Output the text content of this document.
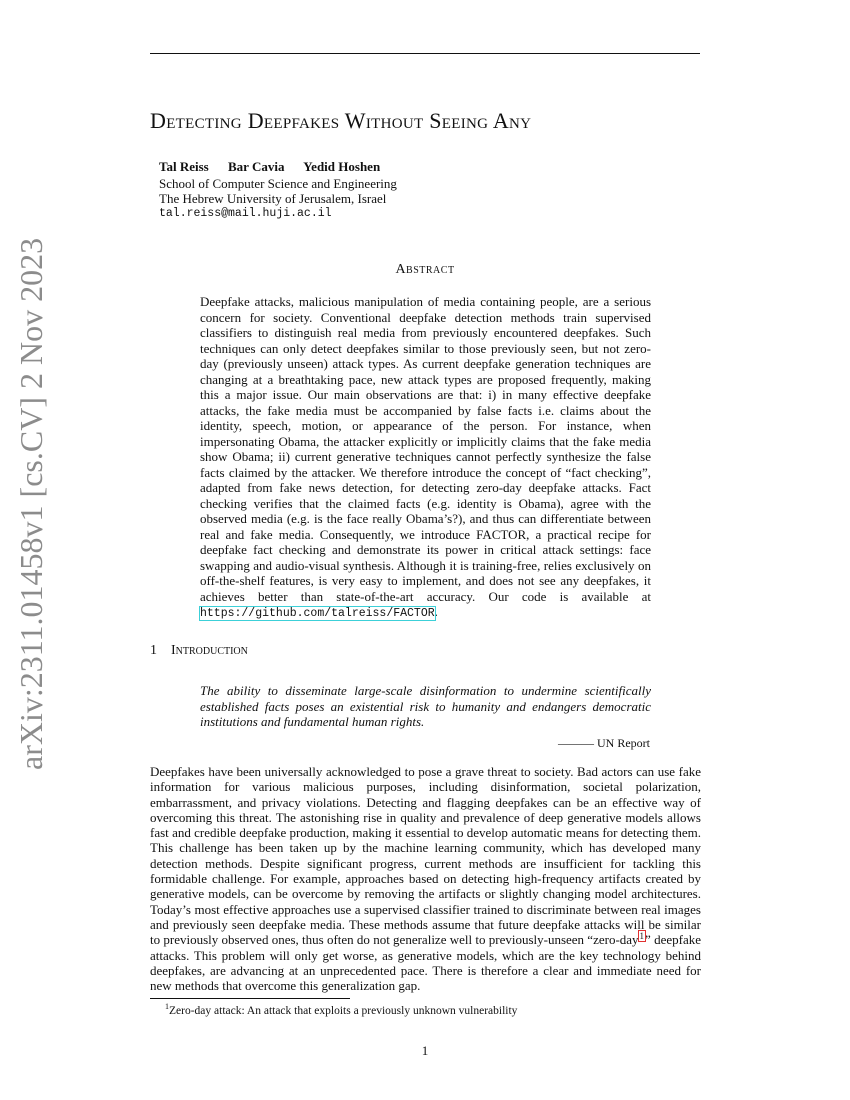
Detecting Deepfakes Without Seeing Any
Tal Reiss Bar Cavia Yedid Hoshen
School of Computer Science and Engineering
The Hebrew University of Jerusalem, Israel
tal.reiss@mail.huji.ac.il
arXiv:2311.01458v1 [cs.CV] 2 Nov 2023	Abstract
Deepfake attacks, malicious manipulation of media containing people, are a serious concern for society. Conventional deepfake detection methods train supervised classifiers to distinguish real media from previously encountered deepfakes. Such techniques can only detect deepfakes similar to those previously seen, but not zero-day (previously unseen) attack types. As current deepfake generation techniques are changing at a breathtaking pace, new attack types are proposed frequently, making this a major issue. Our main observations are that: i) in many effective deepfake attacks, the fake media must be accompanied by false facts i.e. claims about the identity, speech, motion, or appearance of the person. For instance, when impersonating Obama, the attacker explicitly or implicitly claims that the fake media show Obama; ii) current generative techniques cannot perfectly synthesize the false facts claimed by the attacker. We therefore introduce the concept of “fact checking”, adapted from fake news detection, for detecting zero-day deepfake attacks. Fact checking verifies that the claimed facts (e.g. identity is Obama), agree with the observed media (e.g. is the face really Obama’s?), and thus can differentiate between real and fake media. Consequently, we introduce FACTOR, a practical recipe for deepfake fact checking and demonstrate its power in critical attack settings: face swapping and audio-visual synthesis. Although it is training-free, relies exclusively on off-the-shelf features, is very easy to implement, and does not see any deepfakes, it achieves better than state-of-the-art accuracy. Our code is available at https://github.com/talreiss/FACTOR.
1 Introduction
The ability to disseminate large-scale disinformation to undermine scientifically established facts poses an existential risk to humanity and endangers democratic institutions and fundamental human rights.
——— UN Report
Deepfakes have been universally acknowledged to pose a grave threat to society. Bad actors can use fake information for various malicious purposes, including disinformation, societal polarization, embarrassment, and privacy violations. Detecting and flagging deepfakes can be an effective way of overcoming this threat. The astonishing rise in quality and prevalence of deep generative models allows fast and credible deepfake production, making it essential to develop automatic means for detecting them. This challenge has been taken up by the machine learning community, which has developed many detection methods. Despite significant progress, current methods are insufficient for tackling this formidable challenge. For example, approaches based on detecting high-frequency artifacts created by generative models, can be overcome by removing the artifacts or slightly changing model architectures. Today’s most effective approaches use a supervised classifier trained to discriminate between real images and previously seen deepfake media. These methods assume that future deepfake attacks will be similar to previously observed ones, thus often do not generalize well to previously-unseen “zero-day$^1$” deepfake attacks. This problem will only get worse, as generative models, which are the key technology behind deepfakes, are advancing at an unprecedented pace. There is therefore a clear and immediate need for new methods that overcome this generalization gap.
$^1$Zero-day attack: An attack that exploits a previously unknown vulnerability
1
